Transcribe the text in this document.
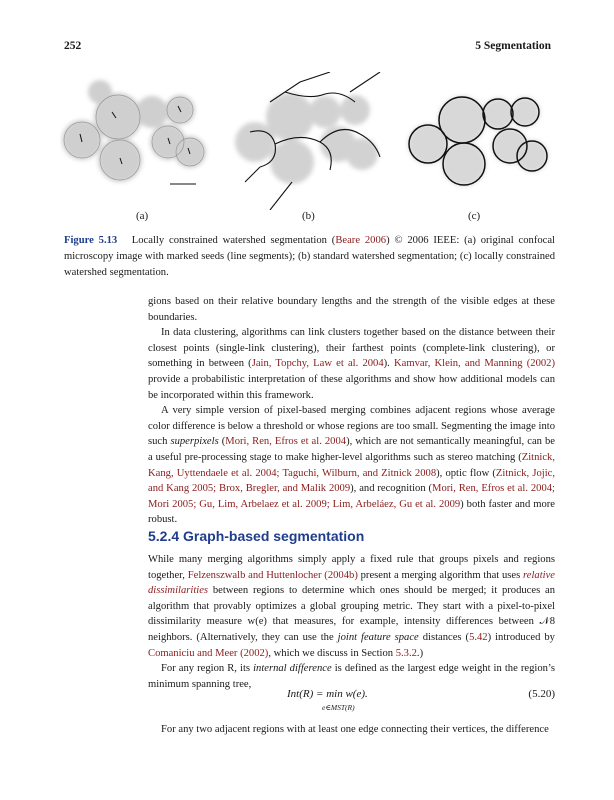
252	5 Segmentation
(a)	(b)	(c)
Figure 5.13 Locally constrained watershed segmentation (Beare 2006) © 2006 IEEE: (a) original confocal microscopy image with marked seeds (line segments); (b) standard watershed segmentation; (c) locally constrained watershed segmentation.

gions based on their relative boundary lengths and the strength of the visible edges at these boundaries.

In data clustering, algorithms can link clusters together based on the distance between their closest points (single-link clustering), their farthest points (complete-link clustering), or something in between (Jain, Topchy, Law et al. 2004). Kamvar, Klein, and Manning (2002) provide a probabilistic interpretation of these algorithms and show how additional models can be incorporated within this framework.

A very simple version of pixel-based merging combines adjacent regions whose average color difference is below a threshold or whose regions are too small. Segmenting the image into such superpixels (Mori, Ren, Efros et al. 2004), which are not semantically meaningful, can be a useful pre-processing stage to make higher-level algorithms such as stereo matching (Zitnick, Kang, Uyttendaele et al. 2004; Taguchi, Wilburn, and Zitnick 2008), optic flow (Zitnick, Jojic, and Kang 2005; Brox, Bregler, and Malik 2009), and recognition (Mori, Ren, Efros et al. 2004; Mori 2005; Gu, Lim, Arbelaez et al. 2009; Lim, Arbeláez, Gu et al. 2009) both faster and more robust.

5.2.4 Graph-based segmentation

While many merging algorithms simply apply a fixed rule that groups pixels and regions together, Felzenszwalb and Huttenlocher (2004b) present a merging algorithm that uses relative dissimilarities between regions to determine which ones should be merged; it produces an algorithm that provably optimizes a global grouping metric. They start with a pixel-to-pixel dissimilarity measure w(e) that measures, for example, intensity differences between 𝒩8 neighbors. (Alternatively, they can use the joint feature space distances (5.42) introduced by Comaniciu and Meer (2002), which we discuss in Section 5.3.2.)

For any region R, its internal difference is defined as the largest edge weight in the region’s minimum spanning tree,

Int(R) = min w(e).
e∈MST(R)
(5.20)

For any two adjacent regions with at least one edge connecting their vertices, the difference
